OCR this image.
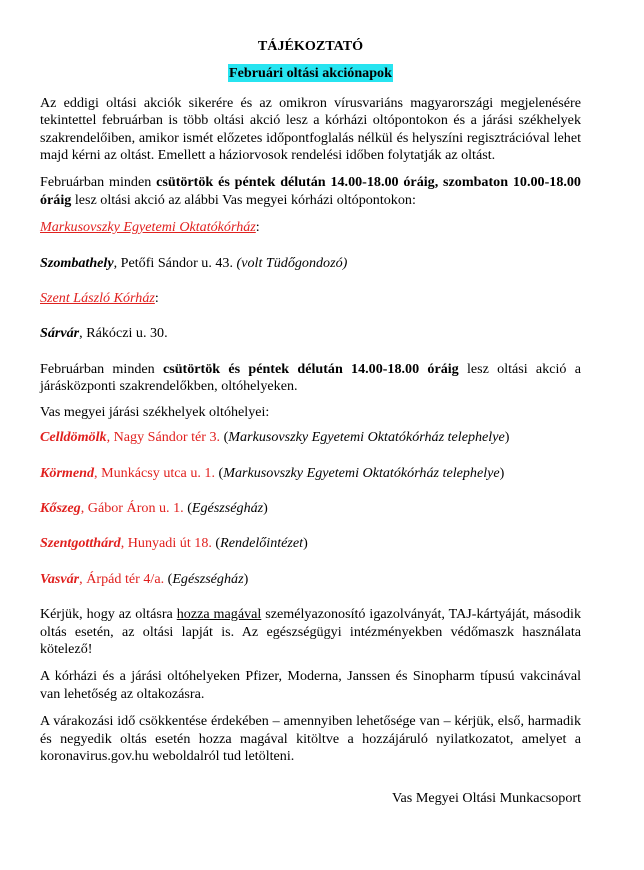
TÁJÉKOZTATÓ
Februári oltási akciónapok

Az eddigi oltási akciók sikerére és az omikron vírusvariáns magyarországi megjelenésére tekintettel februárban is több oltási akció lesz a kórházi oltópontokon és a járási székhelyek szakrendelőiben, amikor ismét előzetes időpontfoglalás nélkül és helyszíni regisztrációval lehet majd kérni az oltást. Emellett a háziorvosok rendelési időben folytatják az oltást.

Februárban minden csütörtök és péntek délután 14.00-18.00 óráig, szombaton 10.00-18.00 óráig lesz oltási akció az alábbi Vas megyei kórházi oltópontokon:

Markusovszky Egyetemi Oktatókórház:

Szombathely, Petőfi Sándor u. 43. (volt Tüdőgondozó)

Szent László Kórház:

Sárvár, Rákóczi u. 30.

Februárban minden csütörtök és péntek délután 14.00-18.00 óráig lesz oltási akció a járásközponti szakrendelőkben, oltóhelyeken.

Vas megyei járási székhelyek oltóhelyei:

Celldömölk, Nagy Sándor tér 3. (Markusovszky Egyetemi Oktatókórház telephelye)

Körmend, Munkácsy utca u. 1. (Markusovszky Egyetemi Oktatókórház telephelye)

Kőszeg, Gábor Áron u. 1. (Egészségház)

Szentgotthárd, Hunyadi út 18. (Rendelőintézet)

Vasvár, Árpád tér 4/a. (Egészségház)

Kérjük, hogy az oltásra hozza magával személyazonosító igazolványát, TAJ-kártyáját, második oltás esetén, az oltási lapját is. Az egészségügyi intézményekben védőmaszk használata kötelező!

A kórházi és a járási oltóhelyeken Pfizer, Moderna, Janssen és Sinopharm típusú vakcinával van lehetőség az oltakozásra.

A várakozási idő csökkentése érdekében – amennyiben lehetősége van – kérjük, első, harmadik és negyedik oltás esetén hozza magával kitöltve a hozzájáruló nyilatkozatot, amelyet a koronavirus.gov.hu weboldalról tud letölteni.

Vas Megyei Oltási Munkacsoport
